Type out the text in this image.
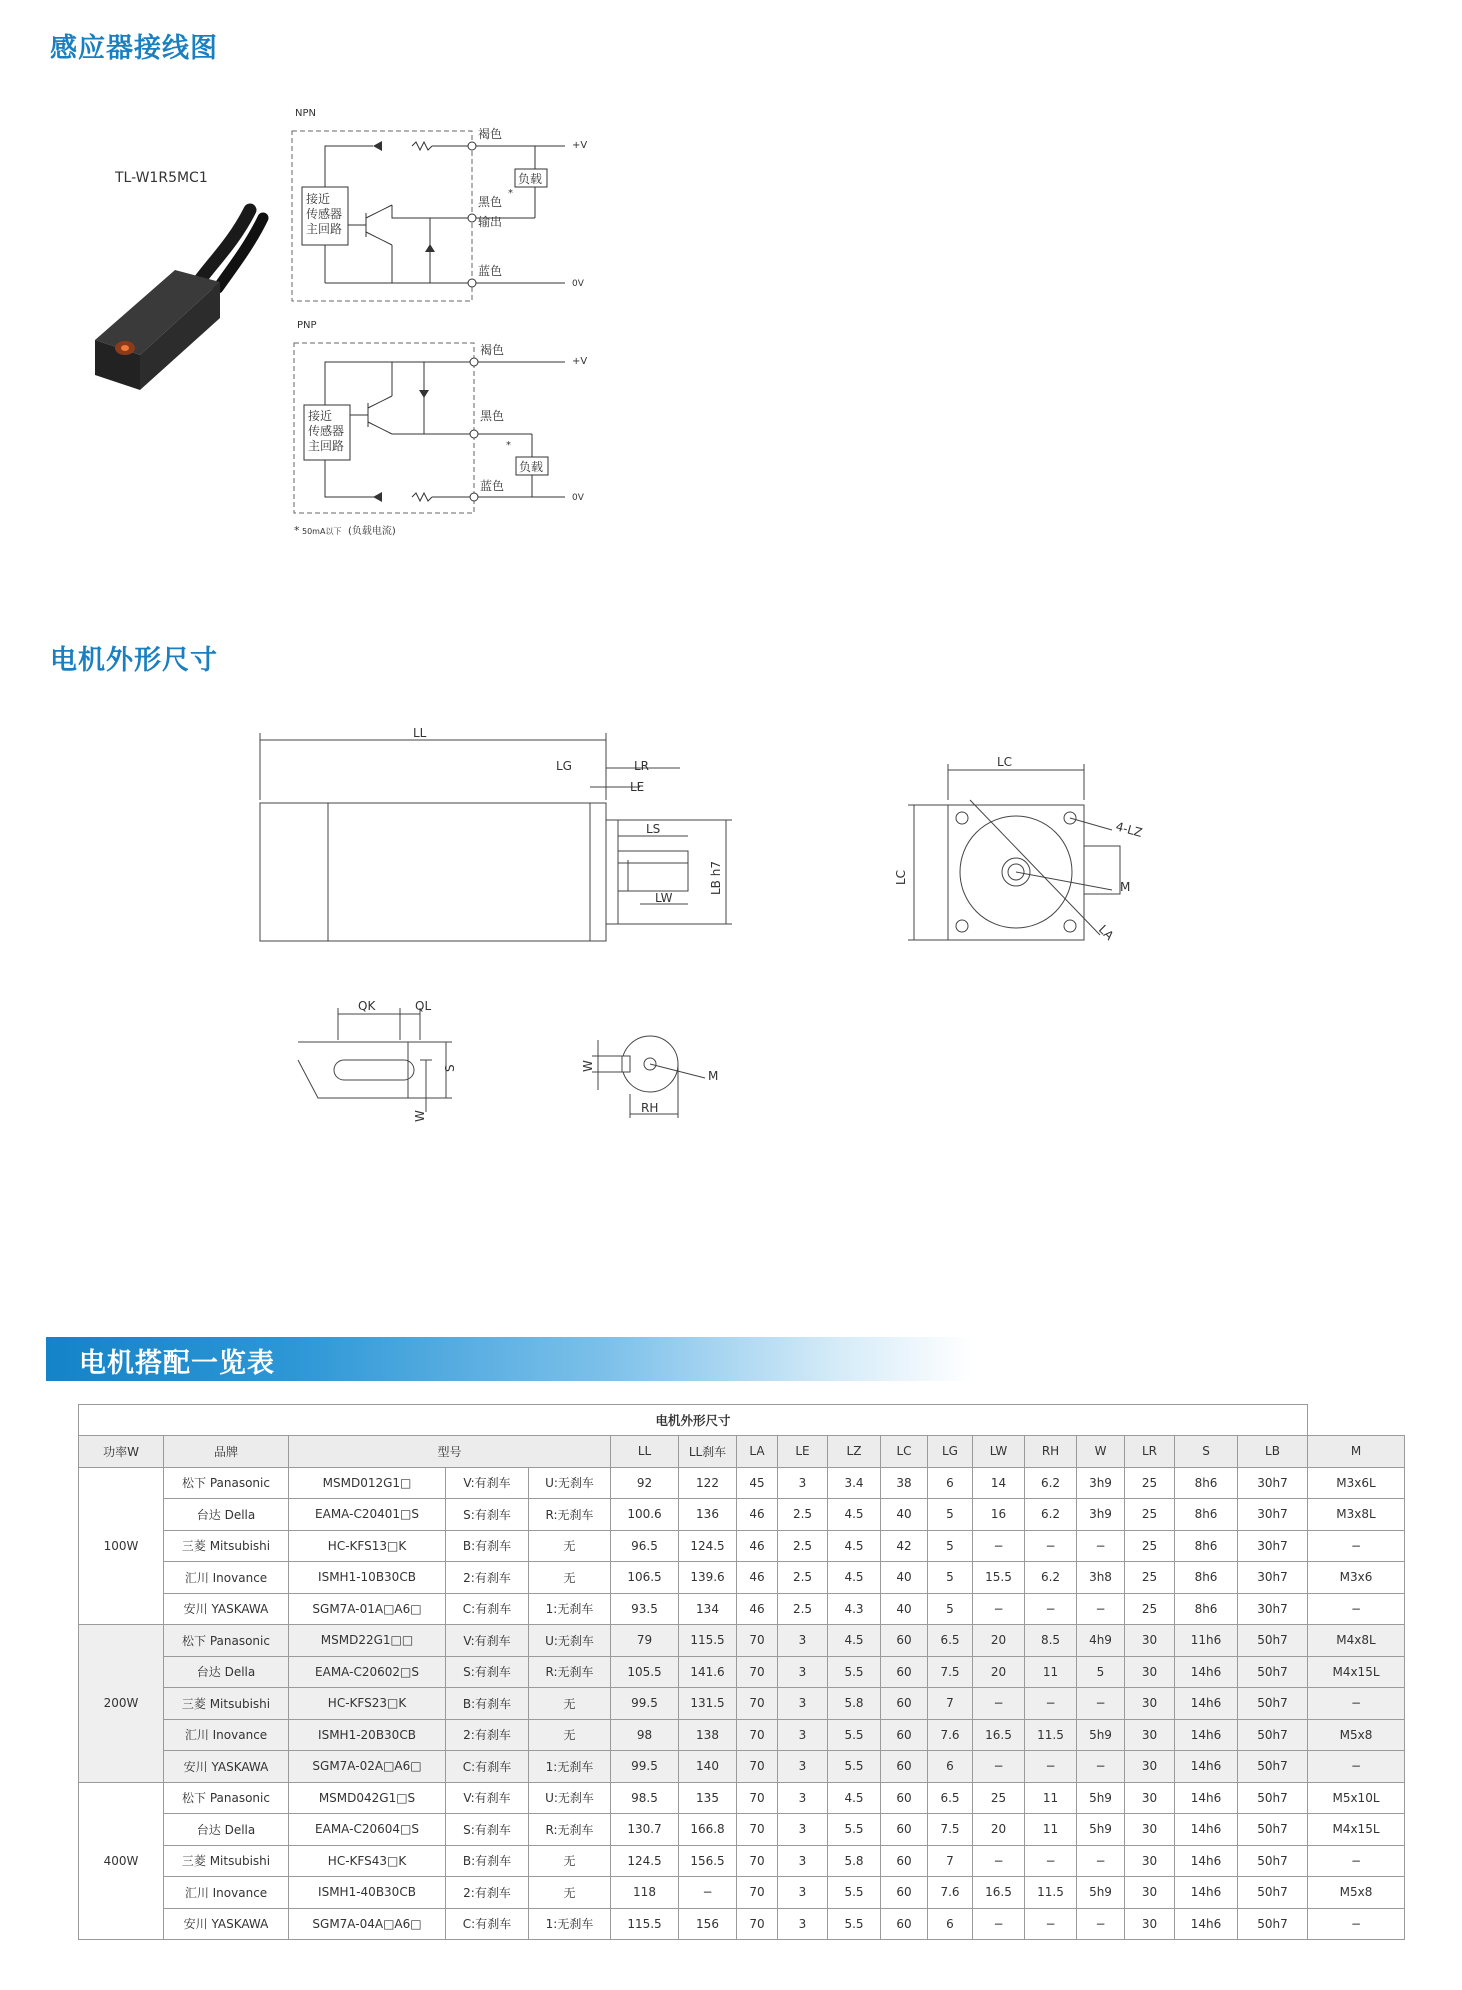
感应器接线图
电机外形尺寸
TL-W1R5MC1
NPN
接近
传感器
主回路
褐色
黑色
输出
蓝色
负载
*
+V
0V
PNP
接近
传感器
主回路
褐色
黑色
蓝色
负载
*
+V
0V
* 50mA以下 (负载电流)
LL
LG	LR
LE
LS
LW
LB h7
LC
LC
4-LZ
M
LA
QK	QL
S
W
M
W
RH
电机搭配一览表
电机外形尺寸																		
功率W	品牌	型号			LL	LL刹车	LA	LE	LZ	LC	LG	LW	RH	W	LR	S	LB	M
100W	松下 Panasonic	MSMD012G1□	V:有刹车	U:无刹车	92	122	45	3	3.4	38	6	14	6.2	3h9	25	8h6	30h7	M3x6L
	台达 Della	EAMA-C20401□S	S:有刹车	R:无刹车	100.6	136	46	2.5	4.5	40	5	16	6.2	3h9	25	8h6	30h7	M3x8L
	三菱 Mitsubishi	HC-KFS13□K	B:有刹车	无	96.5	124.5	46	2.5	4.5	42	5	−	−	−	25	8h6	30h7	−
	汇川 Inovance	ISMH1-10B30CB	2:有刹车	无	106.5	139.6	46	2.5	4.5	40	5	15.5	6.2	3h8	25	8h6	30h7	M3x6
	安川 YASKAWA	SGM7A-01A□A6□	C:有刹车	1:无刹车	93.5	134	46	2.5	4.3	40	5	−	−	−	25	8h6	30h7	−
200W	松下 Panasonic	MSMD22G1□□	V:有刹车	U:无刹车	79	115.5	70	3	4.5	60	6.5	20	8.5	4h9	30	11h6	50h7	M4x8L
	台达 Della	EAMA-C20602□S	S:有刹车	R:无刹车	105.5	141.6	70	3	5.5	60	7.5	20	11	5	30	14h6	50h7	M4x15L
	三菱 Mitsubishi	HC-KFS23□K	B:有刹车	无	99.5	131.5	70	3	5.8	60	7	−	−	−	30	14h6	50h7	−
	汇川 Inovance	ISMH1-20B30CB	2:有刹车	无	98	138	70	3	5.5	60	7.6	16.5	11.5	5h9	30	14h6	50h7	M5x8
	安川 YASKAWA	SGM7A-02A□A6□	C:有刹车	1:无刹车	99.5	140	70	3	5.5	60	6	−	−	−	30	14h6	50h7	−
400W	松下 Panasonic	MSMD042G1□S	V:有刹车	U:无刹车	98.5	135	70	3	4.5	60	6.5	25	11	5h9	30	14h6	50h7	M5x10L
	台达 Della	EAMA-C20604□S	S:有刹车	R:无刹车	130.7	166.8	70	3	5.5	60	7.5	20	11	5h9	30	14h6	50h7	M4x15L
	三菱 Mitsubishi	HC-KFS43□K	B:有刹车	无	124.5	156.5	70	3	5.8	60	7	−	−	−	30	14h6	50h7	−
	汇川 Inovance	ISMH1-40B30CB	2:有刹车	无	118	−	70	3	5.5	60	7.6	16.5	11.5	5h9	30	14h6	50h7	M5x8
	安川 YASKAWA	SGM7A-04A□A6□	C:有刹车	1:无刹车	115.5	156	70	3	5.5	60	6	−	−	−	30	14h6	50h7	−
